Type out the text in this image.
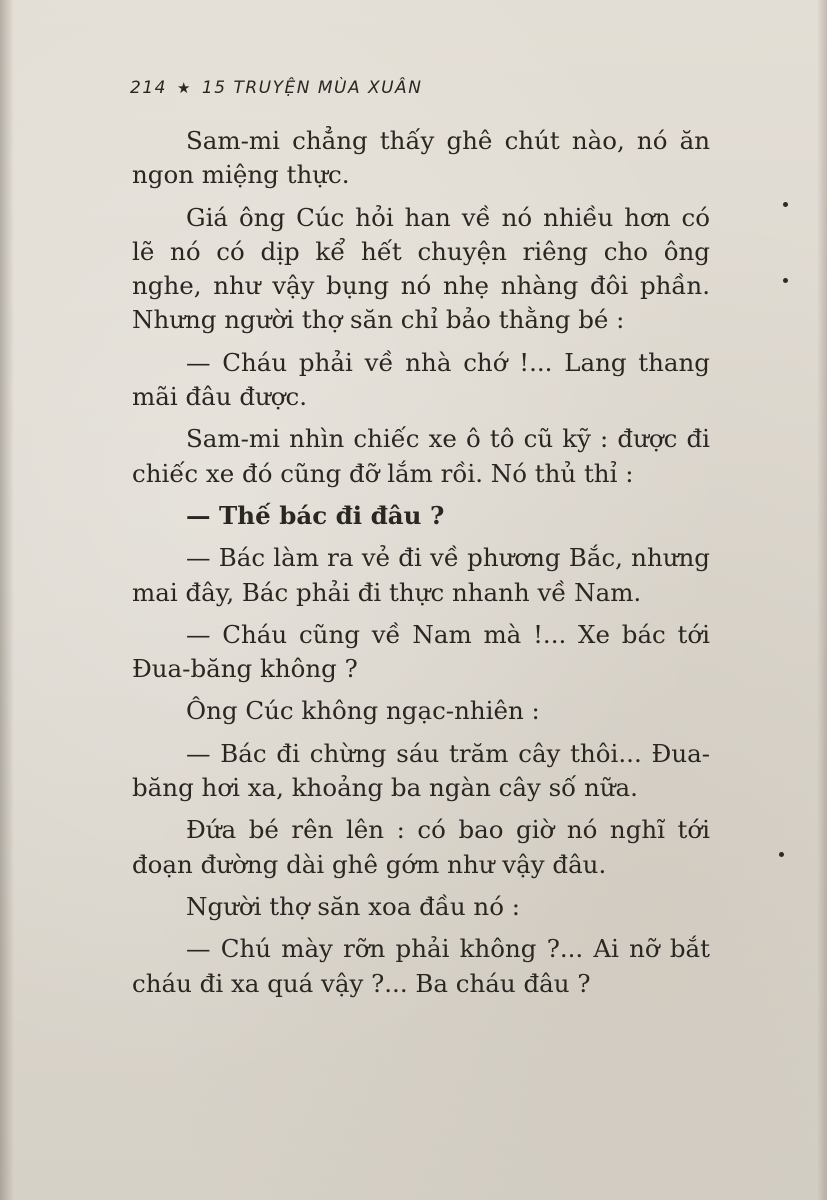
214 ★ 15 TRUYỆN MÙA XUÂN

Sam-mi chẳng thấy ghê chút nào, nó ăn ngon miệng thực.

Giá ông Cúc hỏi han về nó nhiều hơn có lẽ nó có dịp kể hết chuyện riêng cho ông nghe, như vậy bụng nó nhẹ nhàng đôi phần. Nhưng người thợ săn chỉ bảo thằng bé :

— Cháu phải về nhà chớ !... Lang thang mãi đâu được.

Sam-mi nhìn chiếc xe ô tô cũ kỹ : được đi chiếc xe đó cũng đỡ lắm rồi. Nó thủ thỉ :

— Thế bác đi đâu ?

— Bác làm ra vẻ đi về phương Bắc, nhưng mai đây, Bác phải đi thực nhanh về Nam.

— Cháu cũng về Nam mà !... Xe bác tới Đua-băng không ?

Ông Cúc không ngạc-nhiên :

— Bác đi chừng sáu trăm cây thôi... Đua-băng hơi xa, khoảng ba ngàn cây số nữa.

Đứa bé rên lên : có bao giờ nó nghĩ tới đoạn đường dài ghê gớm như vậy đâu.

Người thợ săn xoa đầu nó :

— Chú mày rỡn phải không ?... Ai nỡ bắt cháu đi xa quá vậy ?... Ba cháu đâu ?
